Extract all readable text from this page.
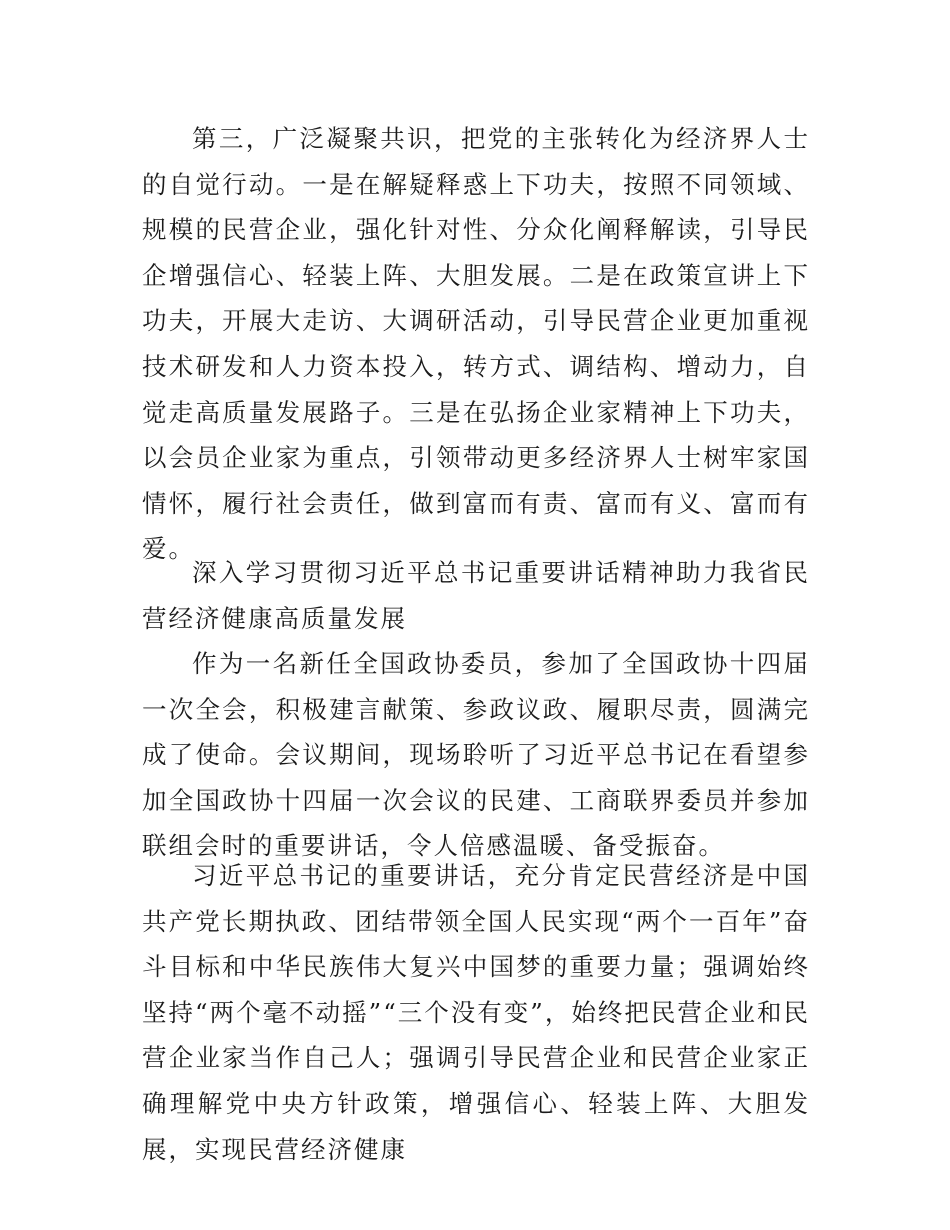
第三，广泛凝聚共识，把党的主张转化为经济界人士的自觉行动。一是在解疑释惑上下功夫，按照不同领域、规模的民营企业，强化针对性、分众化阐释解读，引导民企增强信心、轻装上阵、大胆发展。二是在政策宣讲上下功夫，开展大走访、大调研活动，引导民营企业更加重视技术研发和人力资本投入，转方式、调结构、增动力，自觉走高质量发展路子。三是在弘扬企业家精神上下功夫，以会员企业家为重点，引领带动更多经济界人士树牢家国情怀，履行社会责任，做到富而有责、富而有义、富而有爱。

深入学习贯彻习近平总书记重要讲话精神助力我省民营经济健康高质量发展

作为一名新任全国政协委员，参加了全国政协十四届一次全会，积极建言献策、参政议政、履职尽责，圆满完成了使命。会议期间，现场聆听了习近平总书记在看望参加全国政协十四届一次会议的民建、工商联界委员并参加联组会时的重要讲话，令人倍感温暖、备受振奋。

习近平总书记的重要讲话，充分肯定民营经济是中国共产党长期执政、团结带领全国人民实现“两个一百年”奋斗目标和中华民族伟大复兴中国梦的重要力量；强调始终坚持“两个毫不动摇”“三个没有变”，始终把民营企业和民营企业家当作自己人；强调引导民营企业和民营企业家正确理解党中央方针政策，增强信心、轻装上阵、大胆发展，实现民营经济健康
